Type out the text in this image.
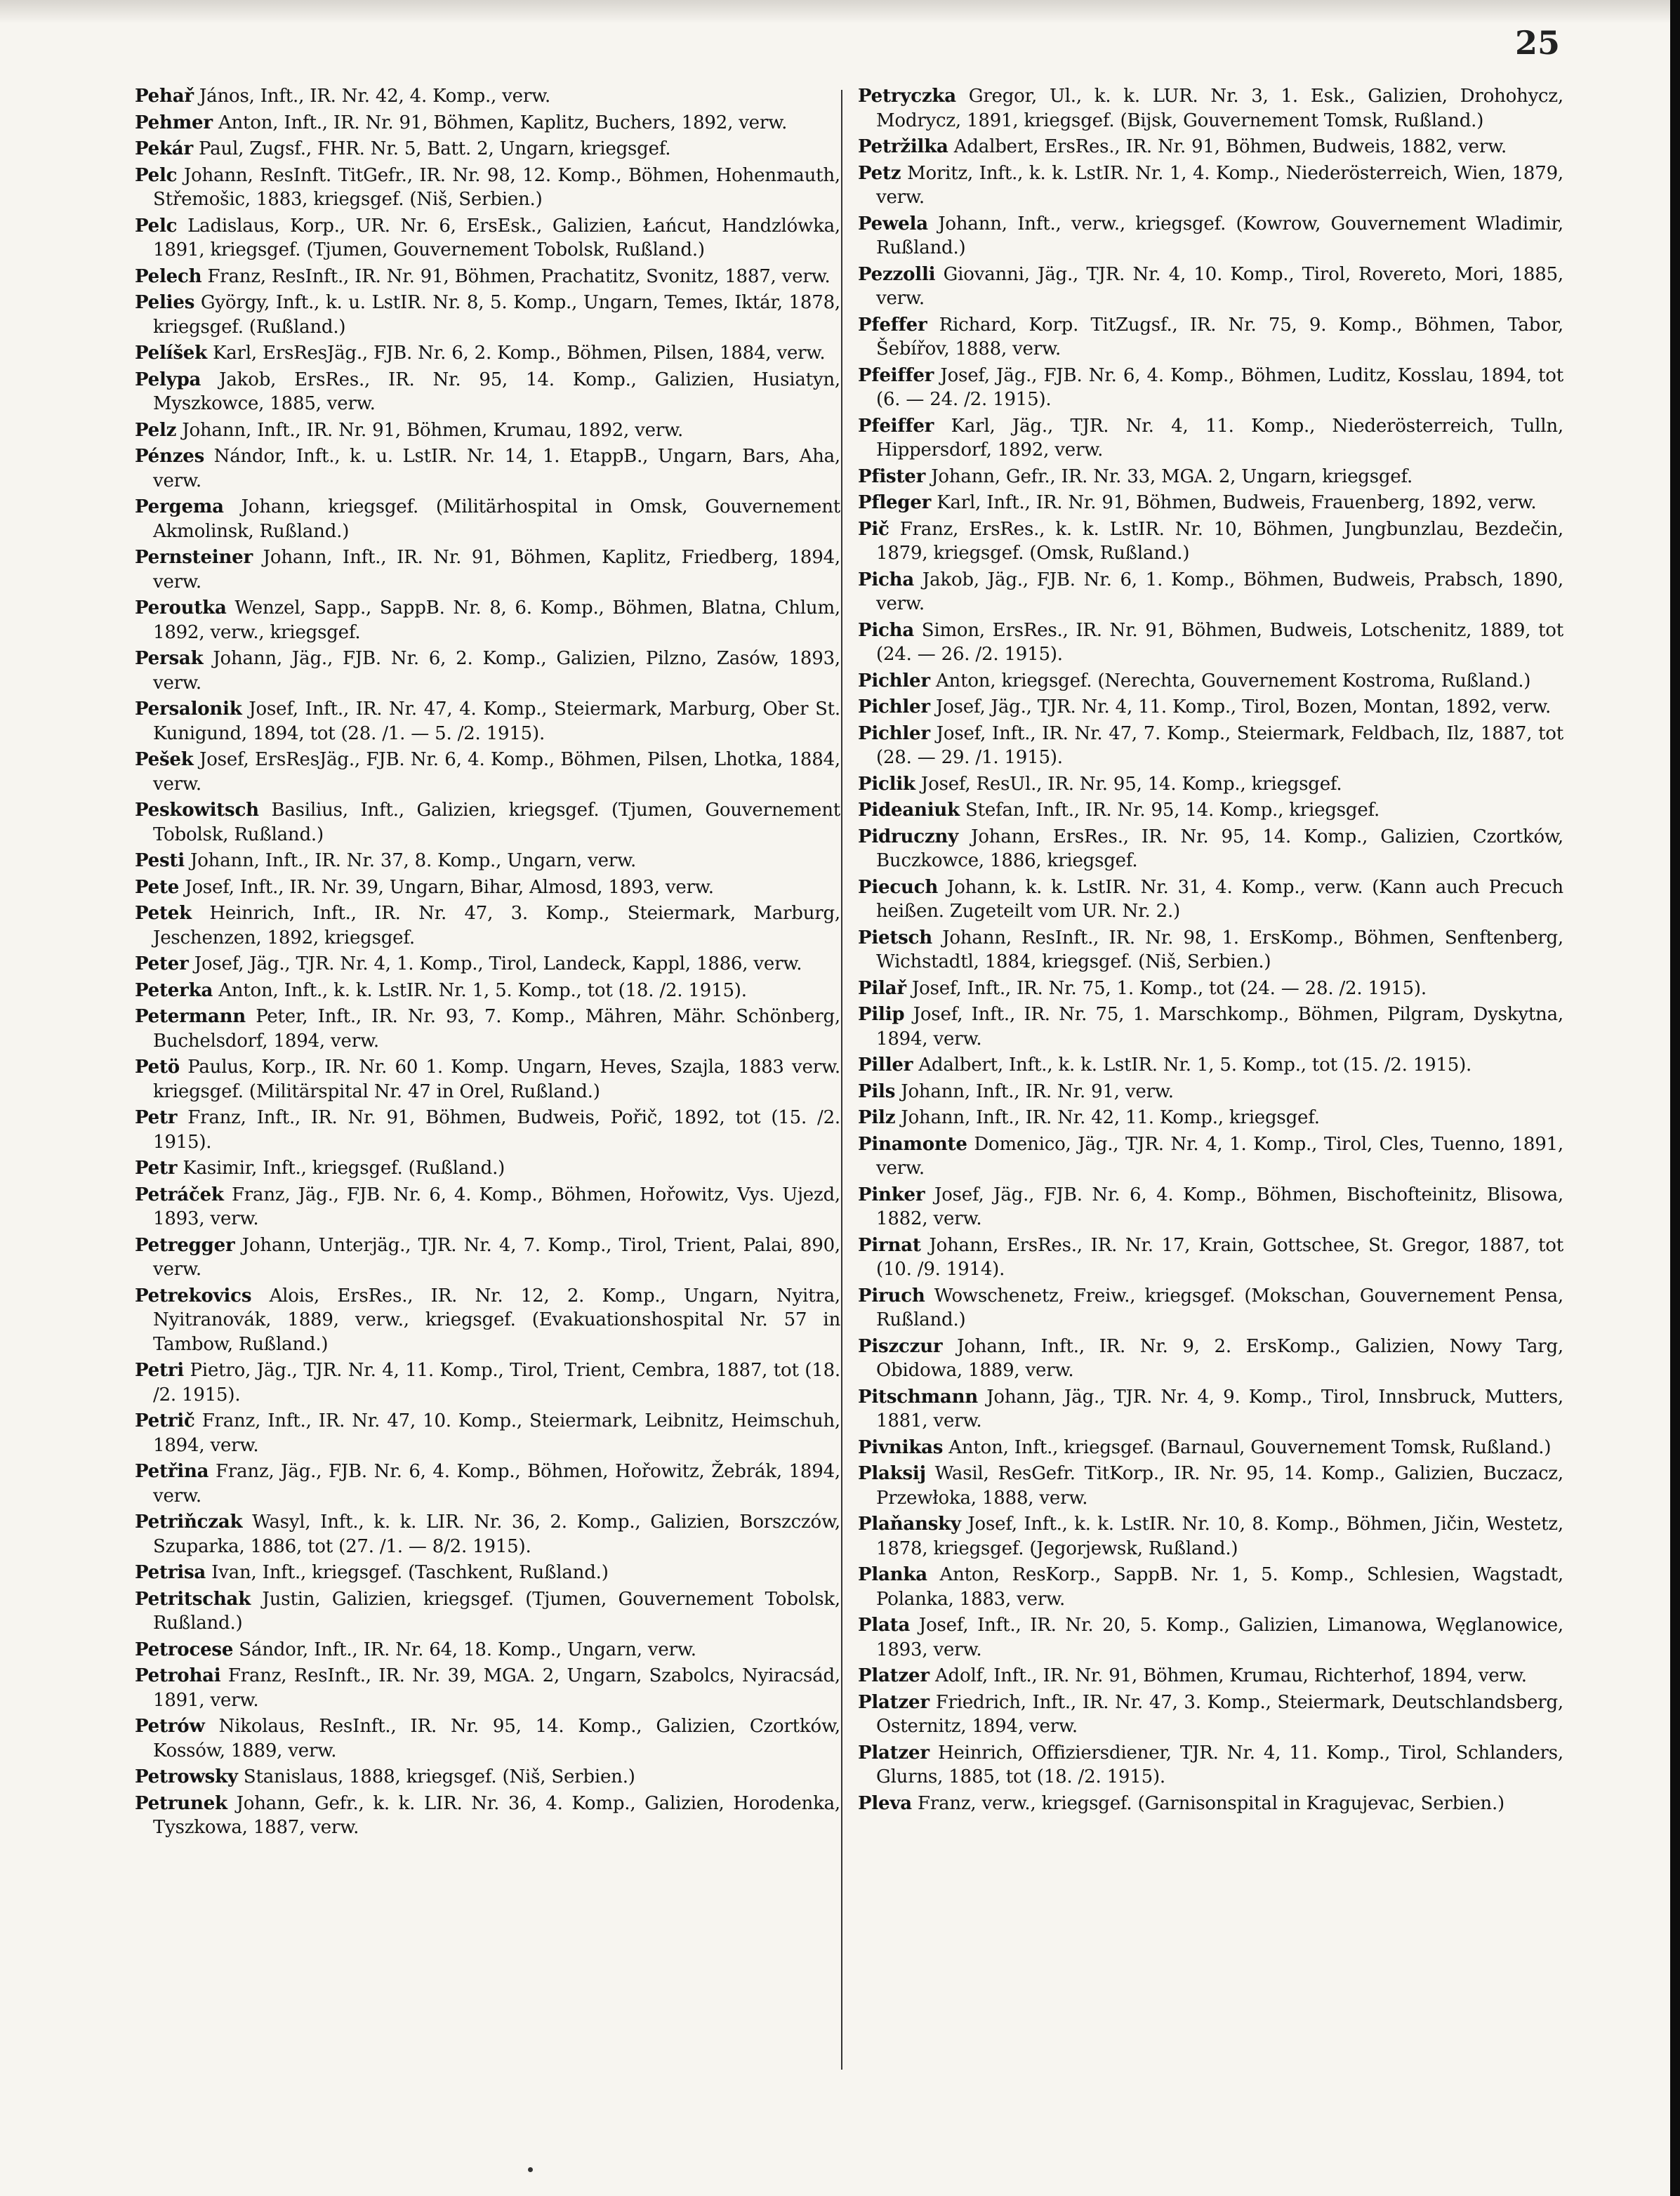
25

Pehař János, Inft., IR. Nr. 42, 4. Komp., verw.

Pehmer Anton, Inft., IR. Nr. 91, Böhmen, Kaplitz, Buchers, 1892, verw.

Pekár Paul, Zugsf., FHR. Nr. 5, Batt. 2, Ungarn, kriegsgef.

Pelc Johann, ResInft. TitGefr., IR. Nr. 98, 12. Komp., Böhmen, Hohenmauth, Střemošic, 1883, kriegsgef. (Niš, Serbien.)

Pelc Ladislaus, Korp., UR. Nr. 6, ErsEsk., Galizien, Łańcut, Handzlówka, 1891, kriegsgef. (Tjumen, Gouvernement Tobolsk, Rußland.)

Pelech Franz, ResInft., IR. Nr. 91, Böhmen, Prachatitz, Svonitz, 1887, verw.

Pelies György, Inft., k. u. LstIR. Nr. 8, 5. Komp., Ungarn, Temes, Iktár, 1878, kriegsgef. (Rußland.)

Pelíšek Karl, ErsResJäg., FJB. Nr. 6, 2. Komp., Böhmen, Pilsen, 1884, verw.

Pelypa Jakob, ErsRes., IR. Nr. 95, 14. Komp., Galizien, Husiatyn, Myszkowce, 1885, verw.

Pelz Johann, Inft., IR. Nr. 91, Böhmen, Krumau, 1892, verw.

Pénzes Nándor, Inft., k. u. LstIR. Nr. 14, 1. EtappB., Ungarn, Bars, Aha, verw.

Pergema Johann, kriegsgef. (Militärhospital in Omsk, Gouvernement Akmolinsk, Rußland.)

Pernsteiner Johann, Inft., IR. Nr. 91, Böhmen, Kaplitz, Friedberg, 1894, verw.

Peroutka Wenzel, Sapp., SappB. Nr. 8, 6. Komp., Böhmen, Blatna, Chlum, 1892, verw., kriegsgef.

Persak Johann, Jäg., FJB. Nr. 6, 2. Komp., Galizien, Pilzno, Zasów, 1893, verw.

Persalonik Josef, Inft., IR. Nr. 47, 4. Komp., Steiermark, Marburg, Ober St. Kunigund, 1894, tot (28. /1. — 5. /2. 1915).

Pešek Josef, ErsResJäg., FJB. Nr. 6, 4. Komp., Böhmen, Pilsen, Lhotka, 1884, verw.

Peskowitsch Basilius, Inft., Galizien, kriegsgef. (Tjumen, Gouvernement Tobolsk, Rußland.)

Pesti Johann, Inft., IR. Nr. 37, 8. Komp., Ungarn, verw.

Pete Josef, Inft., IR. Nr. 39, Ungarn, Bihar, Almosd, 1893, verw.

Petek Heinrich, Inft., IR. Nr. 47, 3. Komp., Steiermark, Marburg, Jeschenzen, 1892, kriegsgef.

Peter Josef, Jäg., TJR. Nr. 4, 1. Komp., Tirol, Landeck, Kappl, 1886, verw.

Peterka Anton, Inft., k. k. LstIR. Nr. 1, 5. Komp., tot (18. /2. 1915).

Petermann Peter, Inft., IR. Nr. 93, 7. Komp., Mähren, Mähr. Schönberg, Buchelsdorf, 1894, verw.

Petö Paulus, Korp., IR. Nr. 60 1. Komp. Ungarn, Heves, Szajla, 1883 verw. kriegsgef. (Militärspital Nr. 47 in Orel, Rußland.)

Petr Franz, Inft., IR. Nr. 91, Böhmen, Budweis, Pořič, 1892, tot (15. /2. 1915).

Petr Kasimir, Inft., kriegsgef. (Rußland.)

Petráček Franz, Jäg., FJB. Nr. 6, 4. Komp., Böhmen, Hořowitz, Vys. Ujezd, 1893, verw.

Petregger Johann, Unterjäg., TJR. Nr. 4, 7. Komp., Tirol, Trient, Palai, 890, verw.

Petrekovics Alois, ErsRes., IR. Nr. 12, 2. Komp., Ungarn, Nyitra, Nyitranovák, 1889, verw., kriegsgef. (Evakuationshospital Nr. 57 in Tambow, Rußland.)

Petri Pietro, Jäg., TJR. Nr. 4, 11. Komp., Tirol, Trient, Cembra, 1887, tot (18. /2. 1915).

Petrič Franz, Inft., IR. Nr. 47, 10. Komp., Steiermark, Leibnitz, Heimschuh, 1894, verw.

Petřina Franz, Jäg., FJB. Nr. 6, 4. Komp., Böhmen, Hořowitz, Žebrák, 1894, verw.

Petriňczak Wasyl, Inft., k. k. LIR. Nr. 36, 2. Komp., Galizien, Borszczów, Szuparka, 1886, tot (27. /1. — 8/2. 1915).

Petrisa Ivan, Inft., kriegsgef. (Taschkent, Rußland.)

Petritschak Justin, Galizien, kriegsgef. (Tjumen, Gouvernement Tobolsk, Rußland.)

Petrocese Sándor, Inft., IR. Nr. 64, 18. Komp., Ungarn, verw.

Petrohai Franz, ResInft., IR. Nr. 39, MGA. 2, Ungarn, Szabolcs, Nyiracsád, 1891, verw.

Petrów Nikolaus, ResInft., IR. Nr. 95, 14. Komp., Galizien, Czortków, Kossów, 1889, verw.

Petrowsky Stanislaus, 1888, kriegsgef. (Niš, Serbien.)

Petrunek Johann, Gefr., k. k. LIR. Nr. 36, 4. Komp., Galizien, Horodenka, Tyszkowa, 1887, verw.

Petryczka Gregor, Ul., k. k. LUR. Nr. 3, 1. Esk., Galizien, Drohohycz, Modrycz, 1891, kriegsgef. (Bijsk, Gouvernement Tomsk, Rußland.)

Petržilka Adalbert, ErsRes., IR. Nr. 91, Böhmen, Budweis, 1882, verw.

Petz Moritz, Inft., k. k. LstIR. Nr. 1, 4. Komp., Niederösterreich, Wien, 1879, verw.

Pewela Johann, Inft., verw., kriegsgef. (Kowrow, Gouvernement Wladimir, Rußland.)

Pezzolli Giovanni, Jäg., TJR. Nr. 4, 10. Komp., Tirol, Rovereto, Mori, 1885, verw.

Pfeffer Richard, Korp. TitZugsf., IR. Nr. 75, 9. Komp., Böhmen, Tabor, Šebířov, 1888, verw.

Pfeiffer Josef, Jäg., FJB. Nr. 6, 4. Komp., Böhmen, Luditz, Kosslau, 1894, tot (6. — 24. /2. 1915).

Pfeiffer Karl, Jäg., TJR. Nr. 4, 11. Komp., Niederösterreich, Tulln, Hippersdorf, 1892, verw.

Pfister Johann, Gefr., IR. Nr. 33, MGA. 2, Ungarn, kriegsgef.

Pfleger Karl, Inft., IR. Nr. 91, Böhmen, Budweis, Frauenberg, 1892, verw.

Pič Franz, ErsRes., k. k. LstIR. Nr. 10, Böhmen, Jungbunzlau, Bezdečin, 1879, kriegsgef. (Omsk, Rußland.)

Picha Jakob, Jäg., FJB. Nr. 6, 1. Komp., Böhmen, Budweis, Prabsch, 1890, verw.

Picha Simon, ErsRes., IR. Nr. 91, Böhmen, Budweis, Lotschenitz, 1889, tot (24. — 26. /2. 1915).

Pichler Anton, kriegsgef. (Nerechta, Gouvernement Kostroma, Rußland.)

Pichler Josef, Jäg., TJR. Nr. 4, 11. Komp., Tirol, Bozen, Montan, 1892, verw.

Pichler Josef, Inft., IR. Nr. 47, 7. Komp., Steiermark, Feldbach, Ilz, 1887, tot (28. — 29. /1. 1915).

Piclik Josef, ResUl., IR. Nr. 95, 14. Komp., kriegsgef.

Pideaniuk Stefan, Inft., IR. Nr. 95, 14. Komp., kriegsgef.

Pidruczny Johann, ErsRes., IR. Nr. 95, 14. Komp., Galizien, Czortków, Buczkowce, 1886, kriegsgef.

Piecuch Johann, k. k. LstIR. Nr. 31, 4. Komp., verw. (Kann auch Precuch heißen. Zugeteilt vom UR. Nr. 2.)

Pietsch Johann, ResInft., IR. Nr. 98, 1. ErsKomp., Böhmen, Senftenberg, Wichstadtl, 1884, kriegsgef. (Niš, Serbien.)

Pilař Josef, Inft., IR. Nr. 75, 1. Komp., tot (24. — 28. /2. 1915).

Pilip Josef, Inft., IR. Nr. 75, 1. Marschkomp., Böhmen, Pilgram, Dyskytna, 1894, verw.

Piller Adalbert, Inft., k. k. LstIR. Nr. 1, 5. Komp., tot (15. /2. 1915).

Pils Johann, Inft., IR. Nr. 91, verw.

Pilz Johann, Inft., IR. Nr. 42, 11. Komp., kriegsgef.

Pinamonte Domenico, Jäg., TJR. Nr. 4, 1. Komp., Tirol, Cles, Tuenno, 1891, verw.

Pinker Josef, Jäg., FJB. Nr. 6, 4. Komp., Böhmen, Bischofteinitz, Blisowa, 1882, verw.

Pirnat Johann, ErsRes., IR. Nr. 17, Krain, Gottschee, St. Gregor, 1887, tot (10. /9. 1914).

Piruch Wowschenetz, Freiw., kriegsgef. (Mokschan, Gouvernement Pensa, Rußland.)

Piszczur Johann, Inft., IR. Nr. 9, 2. ErsKomp., Galizien, Nowy Targ, Obidowa, 1889, verw.

Pitschmann Johann, Jäg., TJR. Nr. 4, 9. Komp., Tirol, Innsbruck, Mutters, 1881, verw.

Pivnikas Anton, Inft., kriegsgef. (Barnaul, Gouvernement Tomsk, Rußland.)

Plaksij Wasil, ResGefr. TitKorp., IR. Nr. 95, 14. Komp., Galizien, Buczacz, Przewłoka, 1888, verw.

Plaňansky Josef, Inft., k. k. LstIR. Nr. 10, 8. Komp., Böhmen, Jičin, Westetz, 1878, kriegsgef. (Jegorjewsk, Rußland.)

Planka Anton, ResKorp., SappB. Nr. 1, 5. Komp., Schlesien, Wagstadt, Polanka, 1883, verw.

Plata Josef, Inft., IR. Nr. 20, 5. Komp., Galizien, Limanowa, Węglanowice, 1893, verw.

Platzer Adolf, Inft., IR. Nr. 91, Böhmen, Krumau, Richterhof, 1894, verw.

Platzer Friedrich, Inft., IR. Nr. 47, 3. Komp., Steiermark, Deutschlandsberg, Osternitz, 1894, verw.

Platzer Heinrich, Offiziersdiener, TJR. Nr. 4, 11. Komp., Tirol, Schlanders, Glurns, 1885, tot (18. /2. 1915).

Pleva Franz, verw., kriegsgef. (Garnisonspital in Kragujevac, Serbien.)
